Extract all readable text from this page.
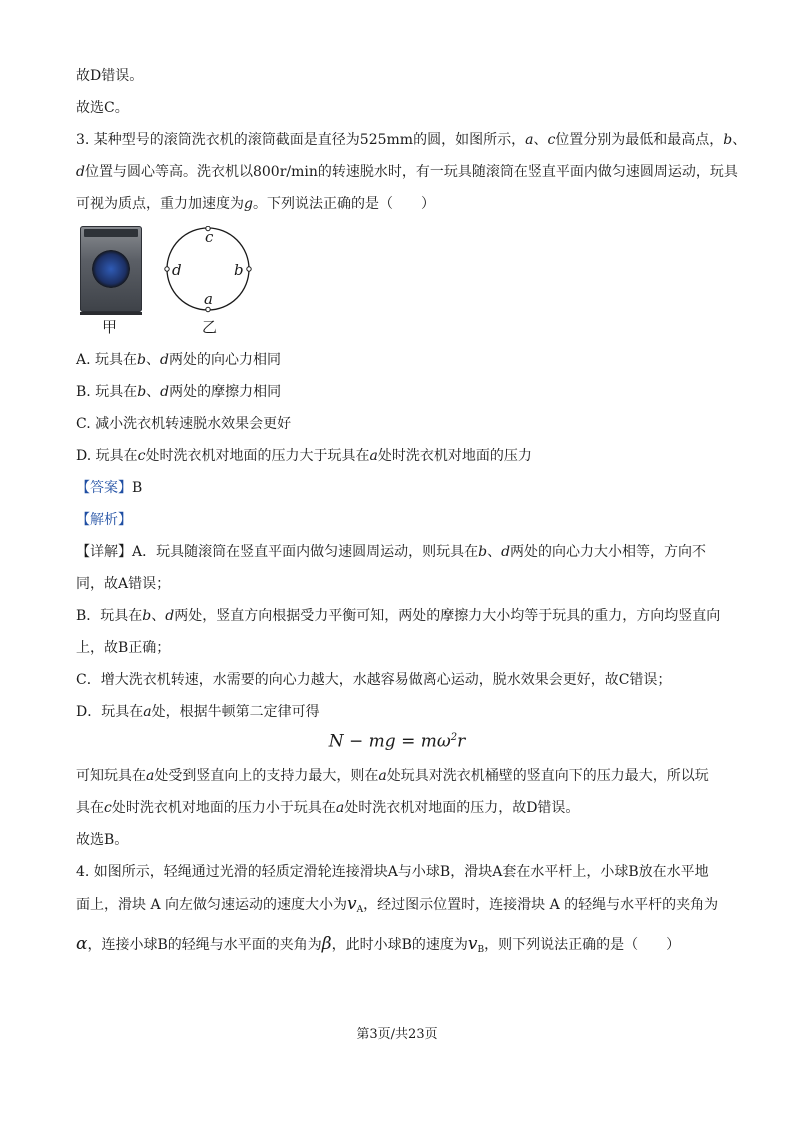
故D错误。
故选C。
3. 某种型号的滚筒洗衣机的滚筒截面是直径为525mm的圆，如图所示，a、c位置分别为最低和最高点，b、
d位置与圆心等高。洗衣机以800r/min的转速脱水时，有一玩具随滚筒在竖直平面内做匀速圆周运动，玩具
可视为质点，重力加速度为g。下列说法正确的是（　　）
c
d	b
a
甲	乙
A. 玩具在b、d两处的向心力相同
B. 玩具在b、d两处的摩擦力相同
C. 减小洗衣机转速脱水效果会更好
D. 玩具在c处时洗衣机对地面的压力大于玩具在a处时洗衣机对地面的压力
【答案】B
【解析】
【详解】A．玩具随滚筒在竖直平面内做匀速圆周运动，则玩具在b、d两处的向心力大小相等，方向不
同，故A错误；
B．玩具在b、d两处，竖直方向根据受力平衡可知，两处的摩擦力大小均等于玩具的重力，方向均竖直向
上，故B正确；
C．增大洗衣机转速，水需要的向心力越大，水越容易做离心运动，脱水效果会更好，故C错误；
D．玩具在a处，根据牛顿第二定律可得
N − mg = $m\omega^2r$
可知玩具在a处受到竖直向上的支持力最大，则在a处玩具对洗衣机桶壁的竖直向下的压力最大，所以玩
具在c处时洗衣机对地面的压力小于玩具在a处时洗衣机对地面的压力，故D错误。
故选B。
4. 如图所示，轻绳通过光滑的轻质定滑轮连接滑块A与小球B，滑块A套在水平杆上，小球B放在水平地
面上，滑块 A 向左做匀速运动的速度大小为$v_A$，经过图示位置时，连接滑块 A 的轻绳与水平杆的夹角为
α，连接小球B的轻绳与水平面的夹角为β，此时小球B的速度为$v_B$，则下列说法正确的是（　　）
第3页/共23页
